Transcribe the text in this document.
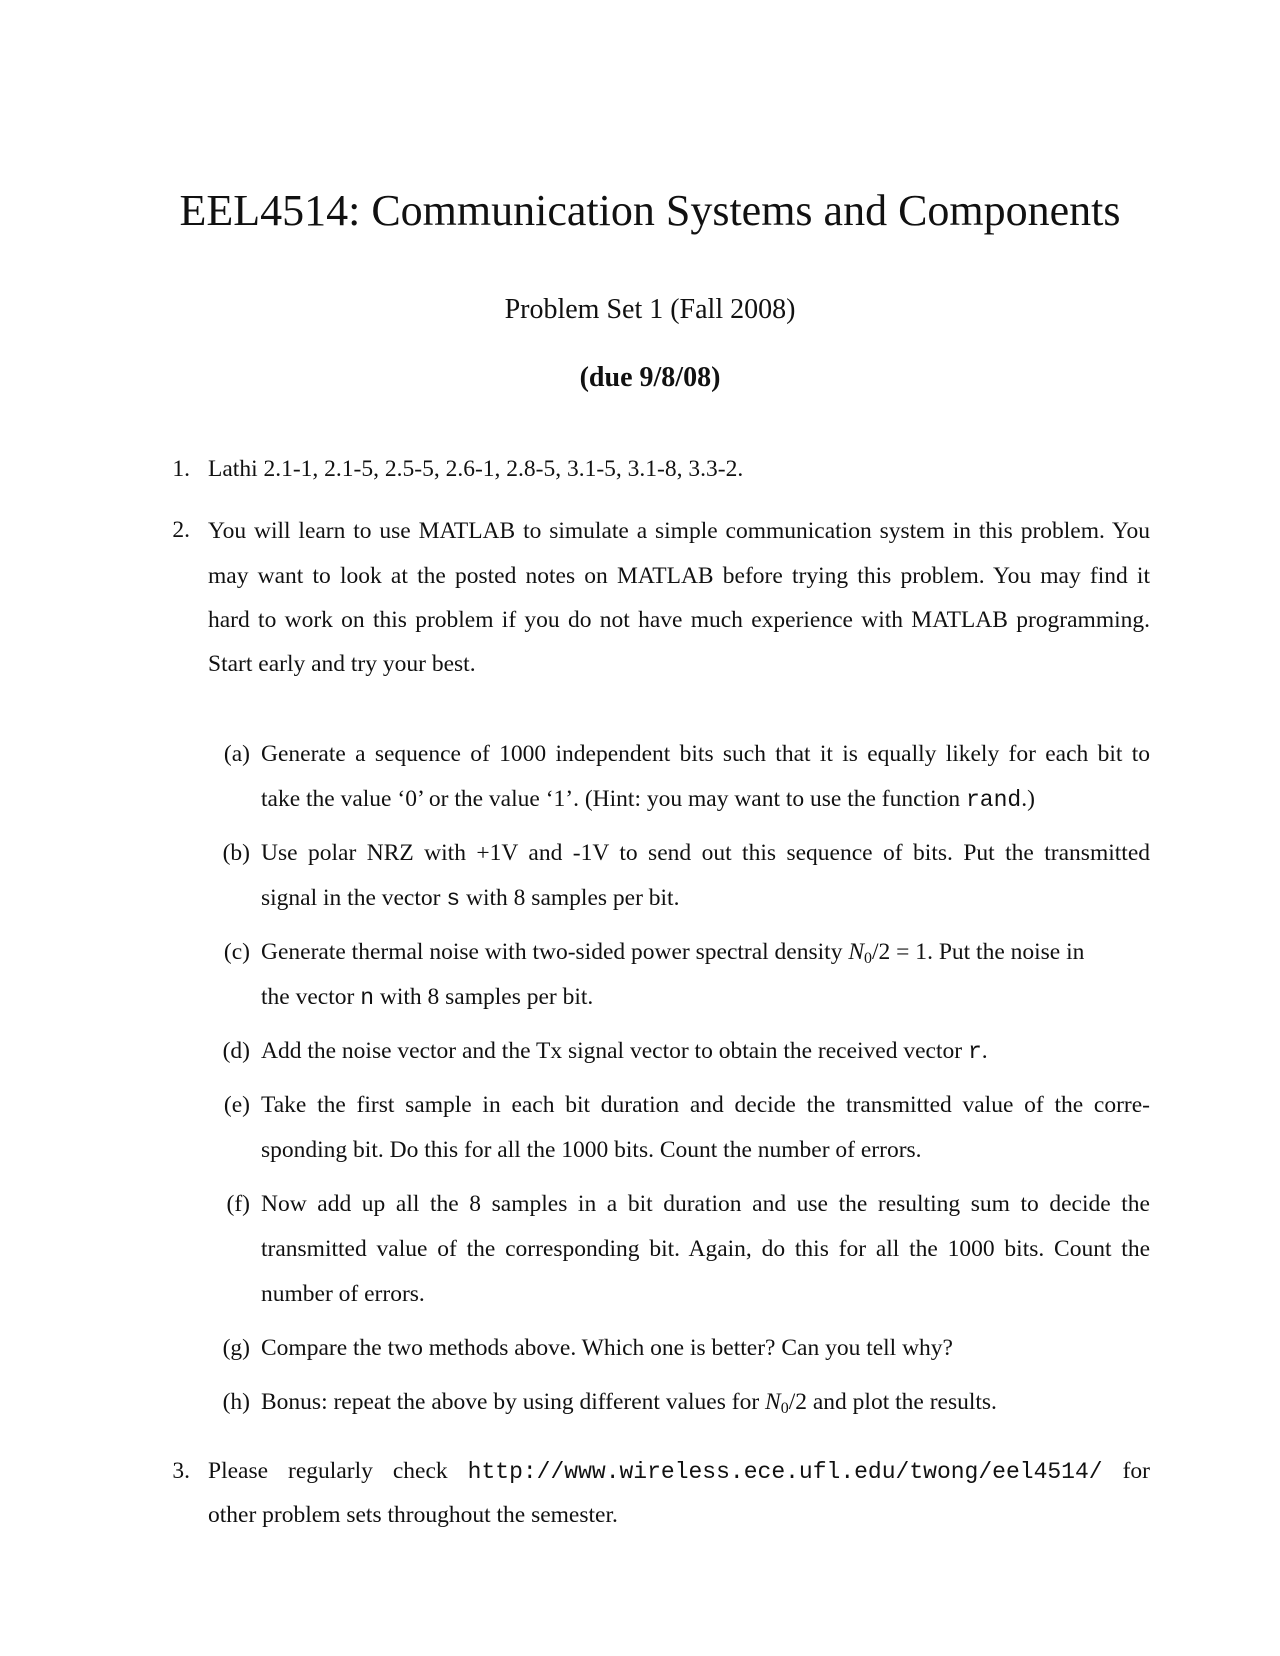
EEL4514: Communication Systems and Components
Problem Set 1 (Fall 2008)
(due 9/8/08)
1. Lathi 2.1-1, 2.1-5, 2.5-5, 2.6-1, 2.8-5, 3.1-5, 3.1-8, 3.3-2.
2. You will learn to use MATLAB to simulate a simple communication system in this problem. You
may want to look at the posted notes on MATLAB before trying this problem. You may find it
hard to work on this problem if you do not have much experience with MATLAB programming.
Start early and try your best.
(a) Generate a sequence of 1000 independent bits such that it is equally likely for each bit to
take the value ‘0’ or the value ‘1’. (Hint: you may want to use the function rand.)
(b) Use polar NRZ with +1V and -1V to send out this sequence of bits. Put the transmitted
signal in the vector s with 8 samples per bit.
(c) Generate thermal noise with two-sided power spectral density $N_0/2 = 1$. Put the noise in
the vector n with 8 samples per bit.
(d) Add the noise vector and the Tx signal vector to obtain the received vector r.
(e) Take the first sample in each bit duration and decide the transmitted value of the corre-
sponding bit. Do this for all the 1000 bits. Count the number of errors.
(f) Now add up all the 8 samples in a bit duration and use the resulting sum to decide the
transmitted value of the corresponding bit. Again, do this for all the 1000 bits. Count the
number of errors.
(g) Compare the two methods above. Which one is better? Can you tell why?
(h) Bonus: repeat the above by using different values for $N_0/2$ and plot the results.
3. Please regularly check http://www.wireless.ece.ufl.edu/twong/eel4514/ for
other problem sets throughout the semester.
